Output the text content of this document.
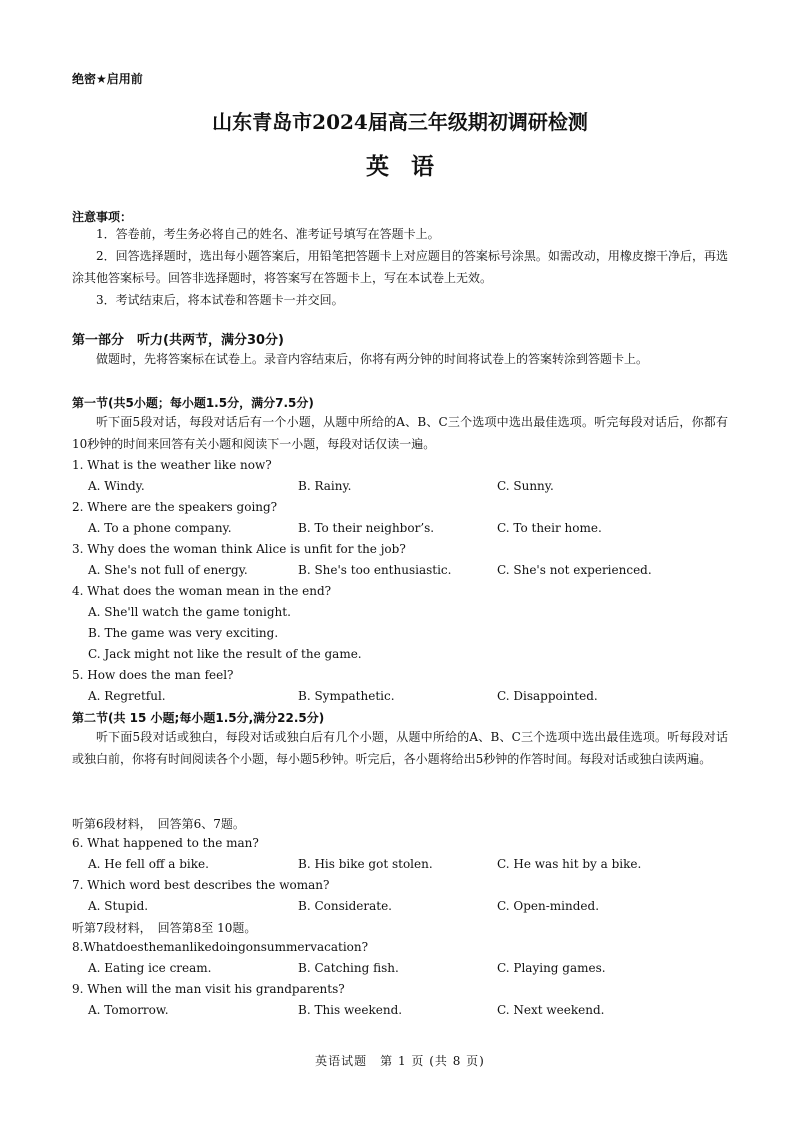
绝密★启用前
山东青岛市2024届高三年级期初调研检测
英语
注意事项：
1．答卷前，考生务必将自己的姓名、准考证号填写在答题卡上。
2．回答选择题时，选出每小题答案后，用铅笔把答题卡上对应题目的答案标号涂黑。如需改动，用橡皮擦干净后，再选涂其他答案标号。回答非选择题时，将答案写在答题卡上，写在本试卷上无效。
3．考试结束后，将本试卷和答题卡一并交回。
第一部分　听力(共两节，满分30分)
做题时，先将答案标在试卷上。录音内容结束后，你将有两分钟的时间将试卷上的答案转涂到答题卡上。
第一节(共5小题；每小题1.5分，满分7.5分)
听下面5段对话，每段对话后有一个小题，从题中所给的A、B、C三个选项中选出最佳选项。听完每段对话后，你都有10秒钟的时间来回答有关小题和阅读下一小题，每段对话仅读一遍。
1. What is the weather like now?
A. Windy.	B. Rainy.	C. Sunny.
2. Where are the speakers going?
A. To a phone company.	B. To their neighbor’s.	C. To their home.
3. Why does the woman think Alice is unfit for the job?
A. She's not full of energy.	B. She's too enthusiastic.	C. She's not experienced.
4. What does the woman mean in the end?
A. She'll watch the game tonight.
B. The game was very exciting.
C. Jack might not like the result of the game.
5. How does the man feel?
A. Regretful.	B. Sympathetic.	C. Disappointed.
第二节(共 15 小题;每小题1.5分,满分22.5分)
听下面5段对话或独白，每段对话或独白后有几个小题，从题中所给的A、B、C三个选项中选出最佳选项。听每段对话或独白前，你将有时间阅读各个小题，每小题5秒钟。听完后，各小题将给出5秒钟的作答时间。每段对话或独白读两遍。
听第6段材料，　回答第6、7题。
6. What happened to the man?
A. He fell off a bike.	B. His bike got stolen.	C. He was hit by a bike.
7. Which word best describes the woman?
A. Stupid.	B. Considerate.	C. Open-minded.
听第7段材料，　回答第8至 10题。
8.Whatdoesthemanlikedoingonsummervacation?
A. Eating ice cream.	B. Catching fish.	C. Playing games.
9. When will the man visit his grandparents?
A. Tomorrow.	B. This weekend.	C. Next weekend.
英语试题　第 1 页 (共 8 页)
